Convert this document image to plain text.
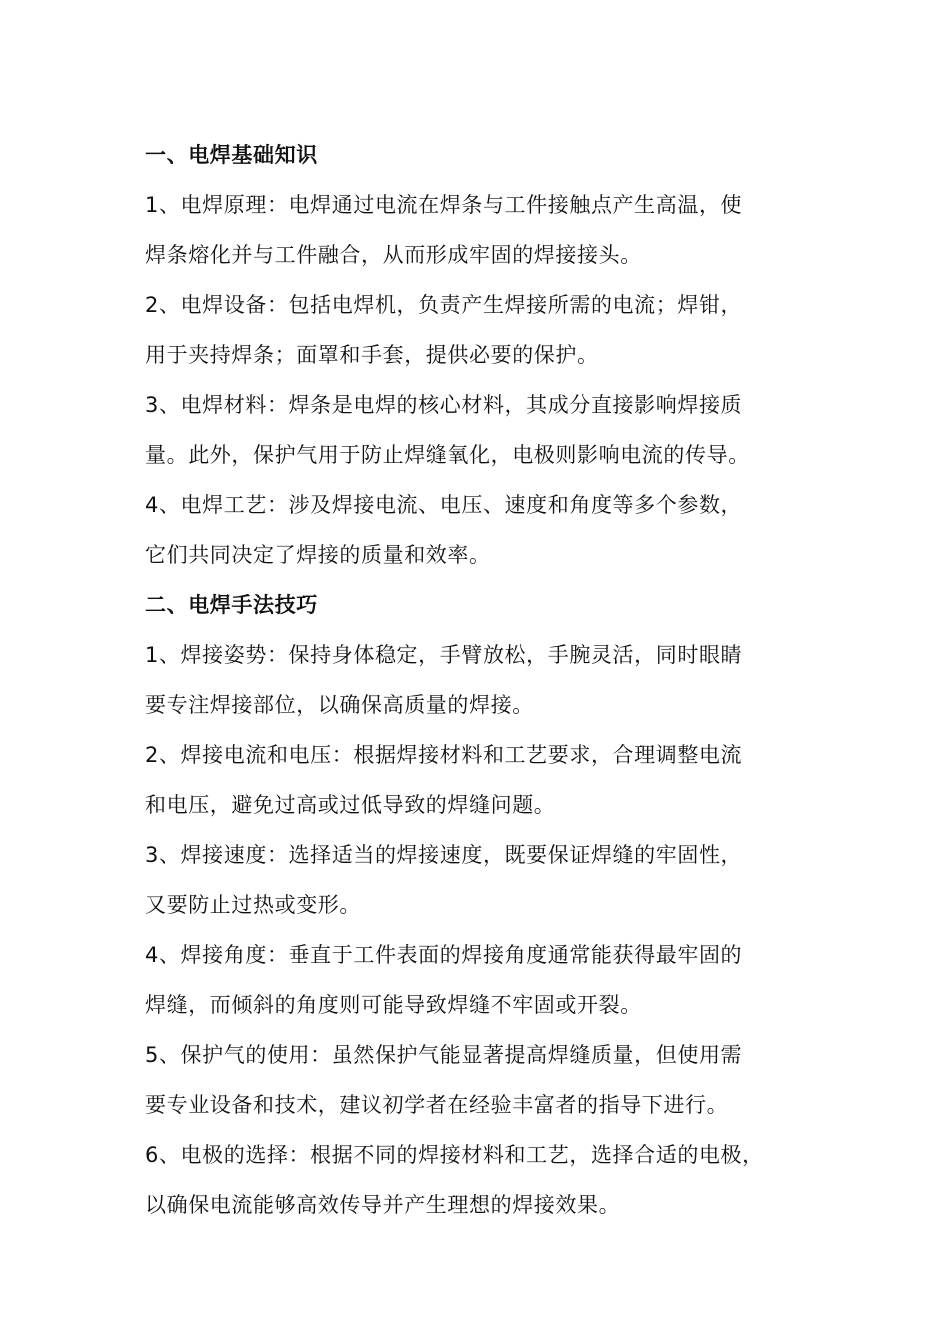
一、电焊基础知识
1、电焊原理：电焊通过电流在焊条与工件接触点产生高温，使
焊条熔化并与工件融合，从而形成牢固的焊接接头。
2、电焊设备：包括电焊机，负责产生焊接所需的电流；焊钳，
用于夹持焊条；面罩和手套，提供必要的保护。
3、电焊材料：焊条是电焊的核心材料，其成分直接影响焊接质
量。此外，保护气用于防止焊缝氧化，电极则影响电流的传导。
4、电焊工艺：涉及焊接电流、电压、速度和角度等多个参数，
它们共同决定了焊接的质量和效率。
二、电焊手法技巧
1、焊接姿势：保持身体稳定，手臂放松，手腕灵活，同时眼睛
要专注焊接部位，以确保高质量的焊接。
2、焊接电流和电压：根据焊接材料和工艺要求，合理调整电流
和电压，避免过高或过低导致的焊缝问题。
3、焊接速度：选择适当的焊接速度，既要保证焊缝的牢固性，
又要防止过热或变形。
4、焊接角度：垂直于工件表面的焊接角度通常能获得最牢固的
焊缝，而倾斜的角度则可能导致焊缝不牢固或开裂。
5、保护气的使用：虽然保护气能显著提高焊缝质量，但使用需
要专业设备和技术，建议初学者在经验丰富者的指导下进行。
6、电极的选择：根据不同的焊接材料和工艺，选择合适的电极，
以确保电流能够高效传导并产生理想的焊接效果。
